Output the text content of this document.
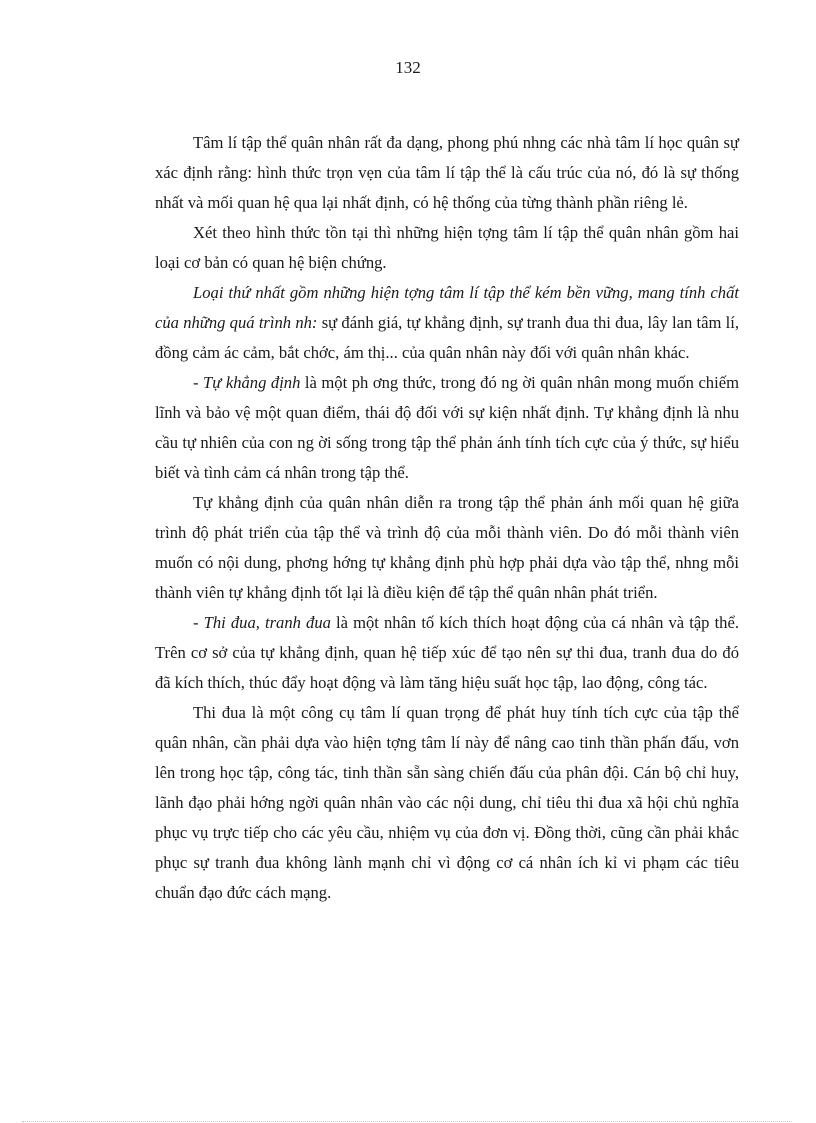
132

Tâm lí tập thể quân nhân rất đa dạng, phong phú nhng các nhà tâm lí học quân sự xác định rằng: hình thức trọn vẹn của tâm lí tập thể là cấu trúc của nó, đó là sự thống nhất và mối quan hệ qua lại nhất định, có hệ thống của từng thành phần riêng lẻ.

Xét theo hình thức tồn tại thì những hiện tợng tâm lí tập thể quân nhân gồm hai loại cơ bản có quan hệ biện chứng.

Loại thứ nhất gồm những hiện tợng tâm lí tập thể kém bền vững, mang tính chất của những quá trình nh: sự đánh giá, tự khẳng định, sự tranh đua thi đua, lây lan tâm lí, đồng cảm ác cảm, bắt chớc, ám thị... của quân nhân này đối với quân nhân khác.

- Tự khẳng định là một ph ơng thức, trong đó ng ời quân nhân mong muốn chiếm lĩnh và bảo vệ một quan điểm, thái độ đối với sự kiện nhất định. Tự khẳng định là nhu cầu tự nhiên của con ng ời sống trong tập thể phản ánh tính tích cực của ý thức, sự hiểu biết và tình cảm cá nhân trong tập thể.

Tự khẳng định của quân nhân diễn ra trong tập thể phản ánh mối quan hệ giữa trình độ phát triển của tập thể và trình độ của mỗi thành viên. Do đó mỗi thành viên muốn có nội dung, phơng hớng tự khẳng định phù hợp phải dựa vào tập thể, nhng mỗi thành viên tự khẳng định tốt lại là điều kiện để tập thể quân nhân phát triển.

- Thi đua, tranh đua là một nhân tố kích thích hoạt động của cá nhân và tập thể. Trên cơ sở của tự khẳng định, quan hệ tiếp xúc để tạo nên sự thi đua, tranh đua do đó đã kích thích, thúc đẩy hoạt động và làm tăng hiệu suất học tập, lao động, công tác.

Thi đua là một công cụ tâm lí quan trọng để phát huy tính tích cực của tập thể quân nhân, cần phải dựa vào hiện tợng tâm lí này để nâng cao tinh thần phấn đấu, vơn lên trong học tập, công tác, tinh thần sẵn sàng chiến đấu của phân đội. Cán bộ chỉ huy, lãnh đạo phải hớng ngời quân nhân vào các nội dung, chỉ tiêu thi đua xã hội chủ nghĩa phục vụ trực tiếp cho các yêu cầu, nhiệm vụ của đơn vị. Đồng thời, cũng cần phải khắc phục sự tranh đua không lành mạnh chỉ vì động cơ cá nhân ích kỉ vi phạm các tiêu chuẩn đạo đức cách mạng.
